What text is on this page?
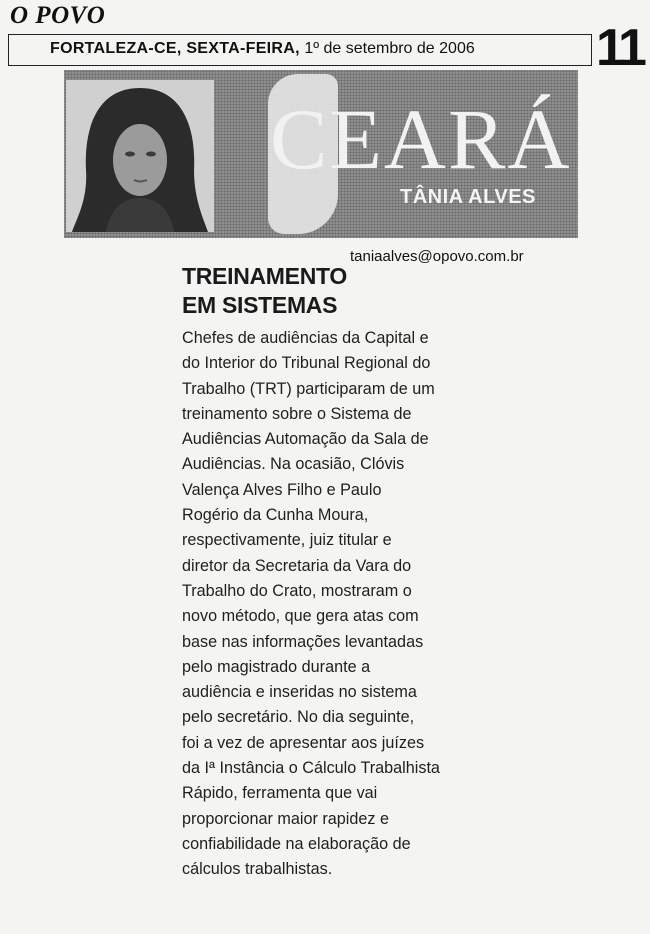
O POVO
FORTALEZA-CE, SEXTA-FEIRA, 1º de setembro de 2006 11
CEARÁ
TÂNIA ALVES
taniaalves@opovo.com.br
TREINAMENTO
EM SISTEMAS

Chefes de audiências da Capital e
do Interior do Tribunal Regional do
Trabalho (TRT) participaram de um
treinamento sobre o Sistema de
Audiências Automação da Sala de
Audiências. Na ocasião, Clóvis
Valença Alves Filho e Paulo
Rogério da Cunha Moura,
respectivamente, juiz titular e
diretor da Secretaria da Vara do
Trabalho do Crato, mostraram o
novo método, que gera atas com
base nas informações levantadas
pelo magistrado durante a
audiência e inseridas no sistema
pelo secretário. No dia seguinte,
foi a vez de apresentar aos juízes
da Iª Instância o Cálculo Trabalhista
Rápido, ferramenta que vai
proporcionar maior rapidez e
confiabilidade na elaboração de
cálculos trabalhistas.
